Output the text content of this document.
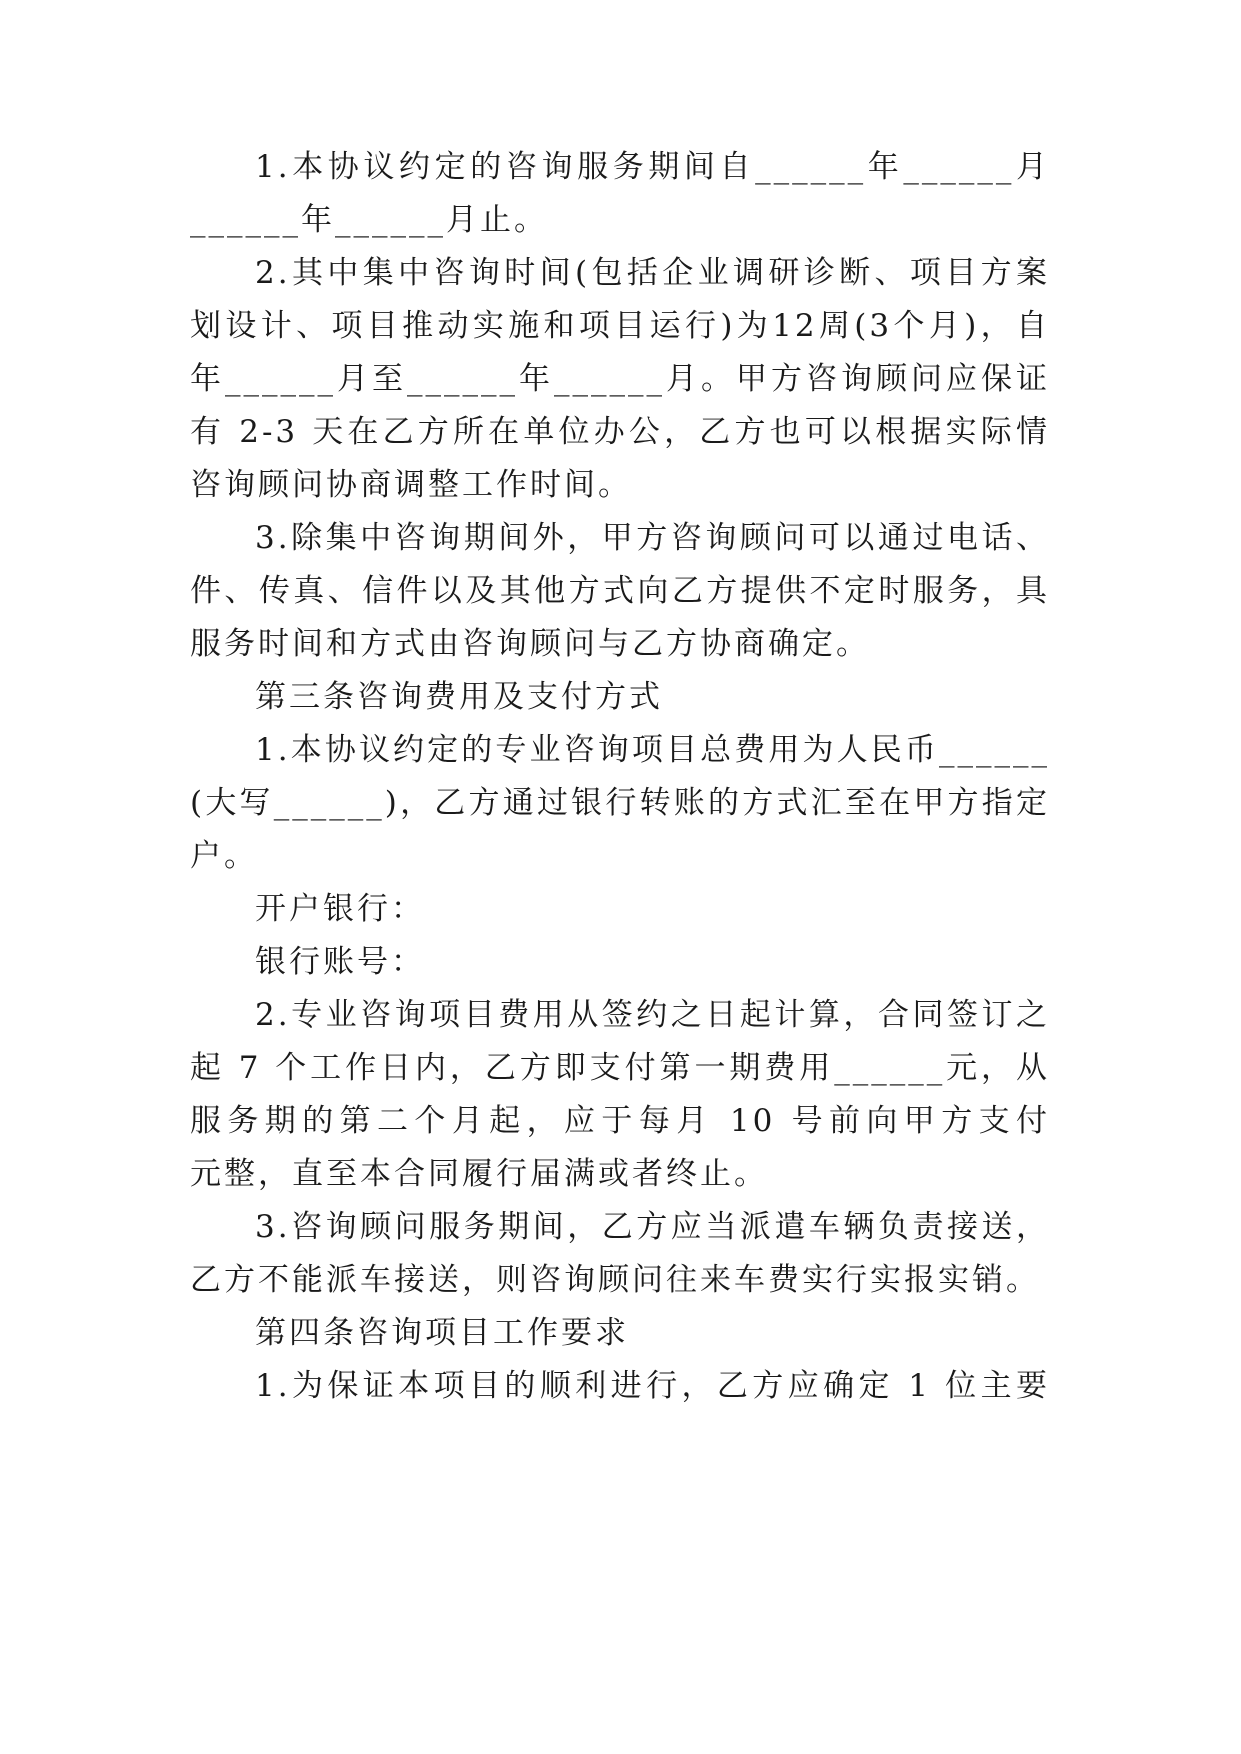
1.本协议约定的咨询服务期间自______年______月
______年______月止。
2.其中集中咨询时间(包括企业调研诊断、项目方案
划设计、项目推动实施和项目运行)为12周(3个月)，自
年______月至______年______月。甲方咨询顾问应保证
有 2-3 天在乙方所在单位办公，乙方也可以根据实际情
咨询顾问协商调整工作时间。
3.除集中咨询期间外，甲方咨询顾问可以通过电话、
件、传真、信件以及其他方式向乙方提供不定时服务，具
服务时间和方式由咨询顾问与乙方协商确定。
第三条咨询费用及支付方式
1.本协议约定的专业咨询项目总费用为人民币______
(大写______)，乙方通过银行转账的方式汇至在甲方指定
户。
开户银行：
银行账号：
2.专业咨询项目费用从签约之日起计算，合同签订之
起 7 个工作日内，乙方即支付第一期费用______元，从
服务期的第二个月起，应于每月 10 号前向甲方支付
元整，直至本合同履行届满或者终止。
3.咨询顾问服务期间，乙方应当派遣车辆负责接送，
乙方不能派车接送，则咨询顾问往来车费实行实报实销。
第四条咨询项目工作要求
1.为保证本项目的顺利进行，乙方应确定 1 位主要
